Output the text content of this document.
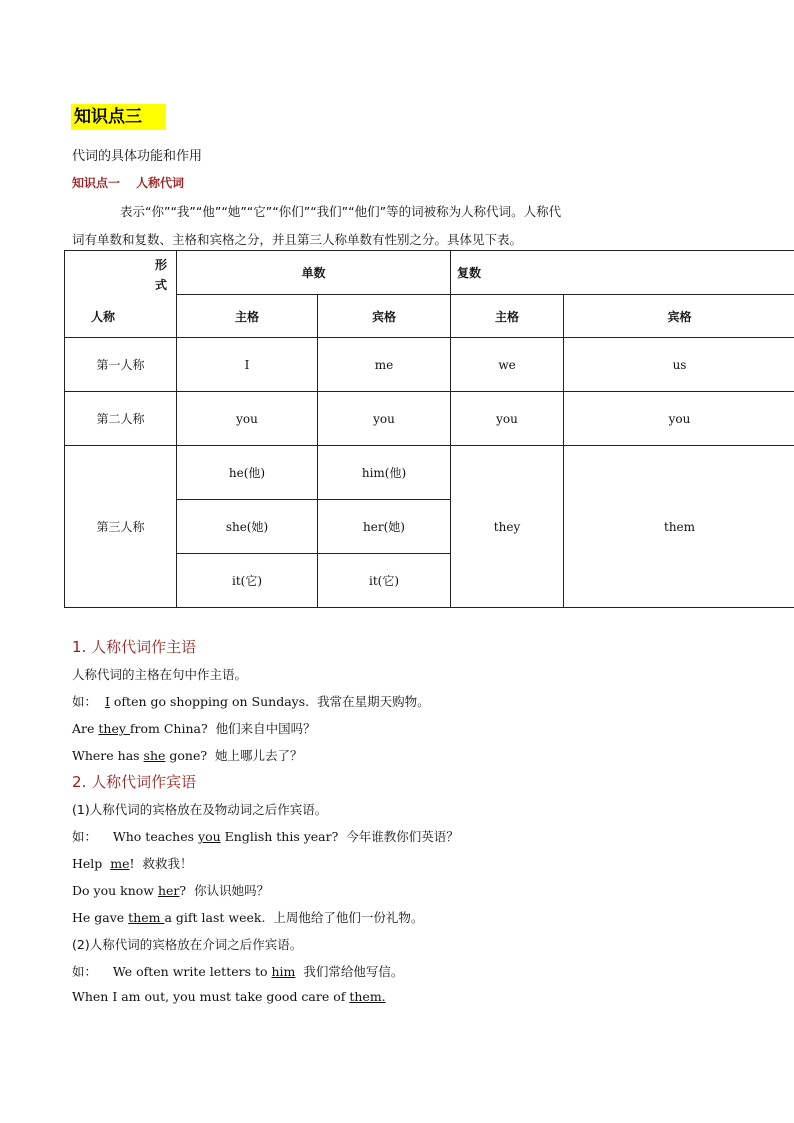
知识点三
代词的具体功能和作用
知识点一 人称代词
表示“你”“我”“他”“她”“它”“你们”“我们”“他们”等的词被称为人称代词。人称代
词有单数和复数、主格和宾格之分，并且第三人称单数有性别之分。具体见下表。
形式
人称	单数		复数	
	主格	宾格	主格	宾格
第一人称	I	me	we	us
第二人称	you	you	you	you
第三人称	he(他)	him(他)	they	them
	she(她)	her(她)		
	it(它)	it(它)		
1. 人称代词作主语
人称代词的主格在句中作主语。
如： I often go shopping on Sundays.  我常在星期天购物。
Are they from China?  他们来自中国吗？
Where has she gone?  她上哪儿去了？
2. 人称代词作宾语
(1)人称代词的宾格放在及物动词之后作宾语。
如：    Who teaches you English this year?  今年谁教你们英语？
Help  me!  救救我！
Do you know her?  你认识她吗？
He gave them a gift last week.  上周他给了他们一份礼物。
(2)人称代词的宾格放在介词之后作宾语。
如：    We often write letters to him 我们常给他写信。
When I am out, you must take good care of them.
